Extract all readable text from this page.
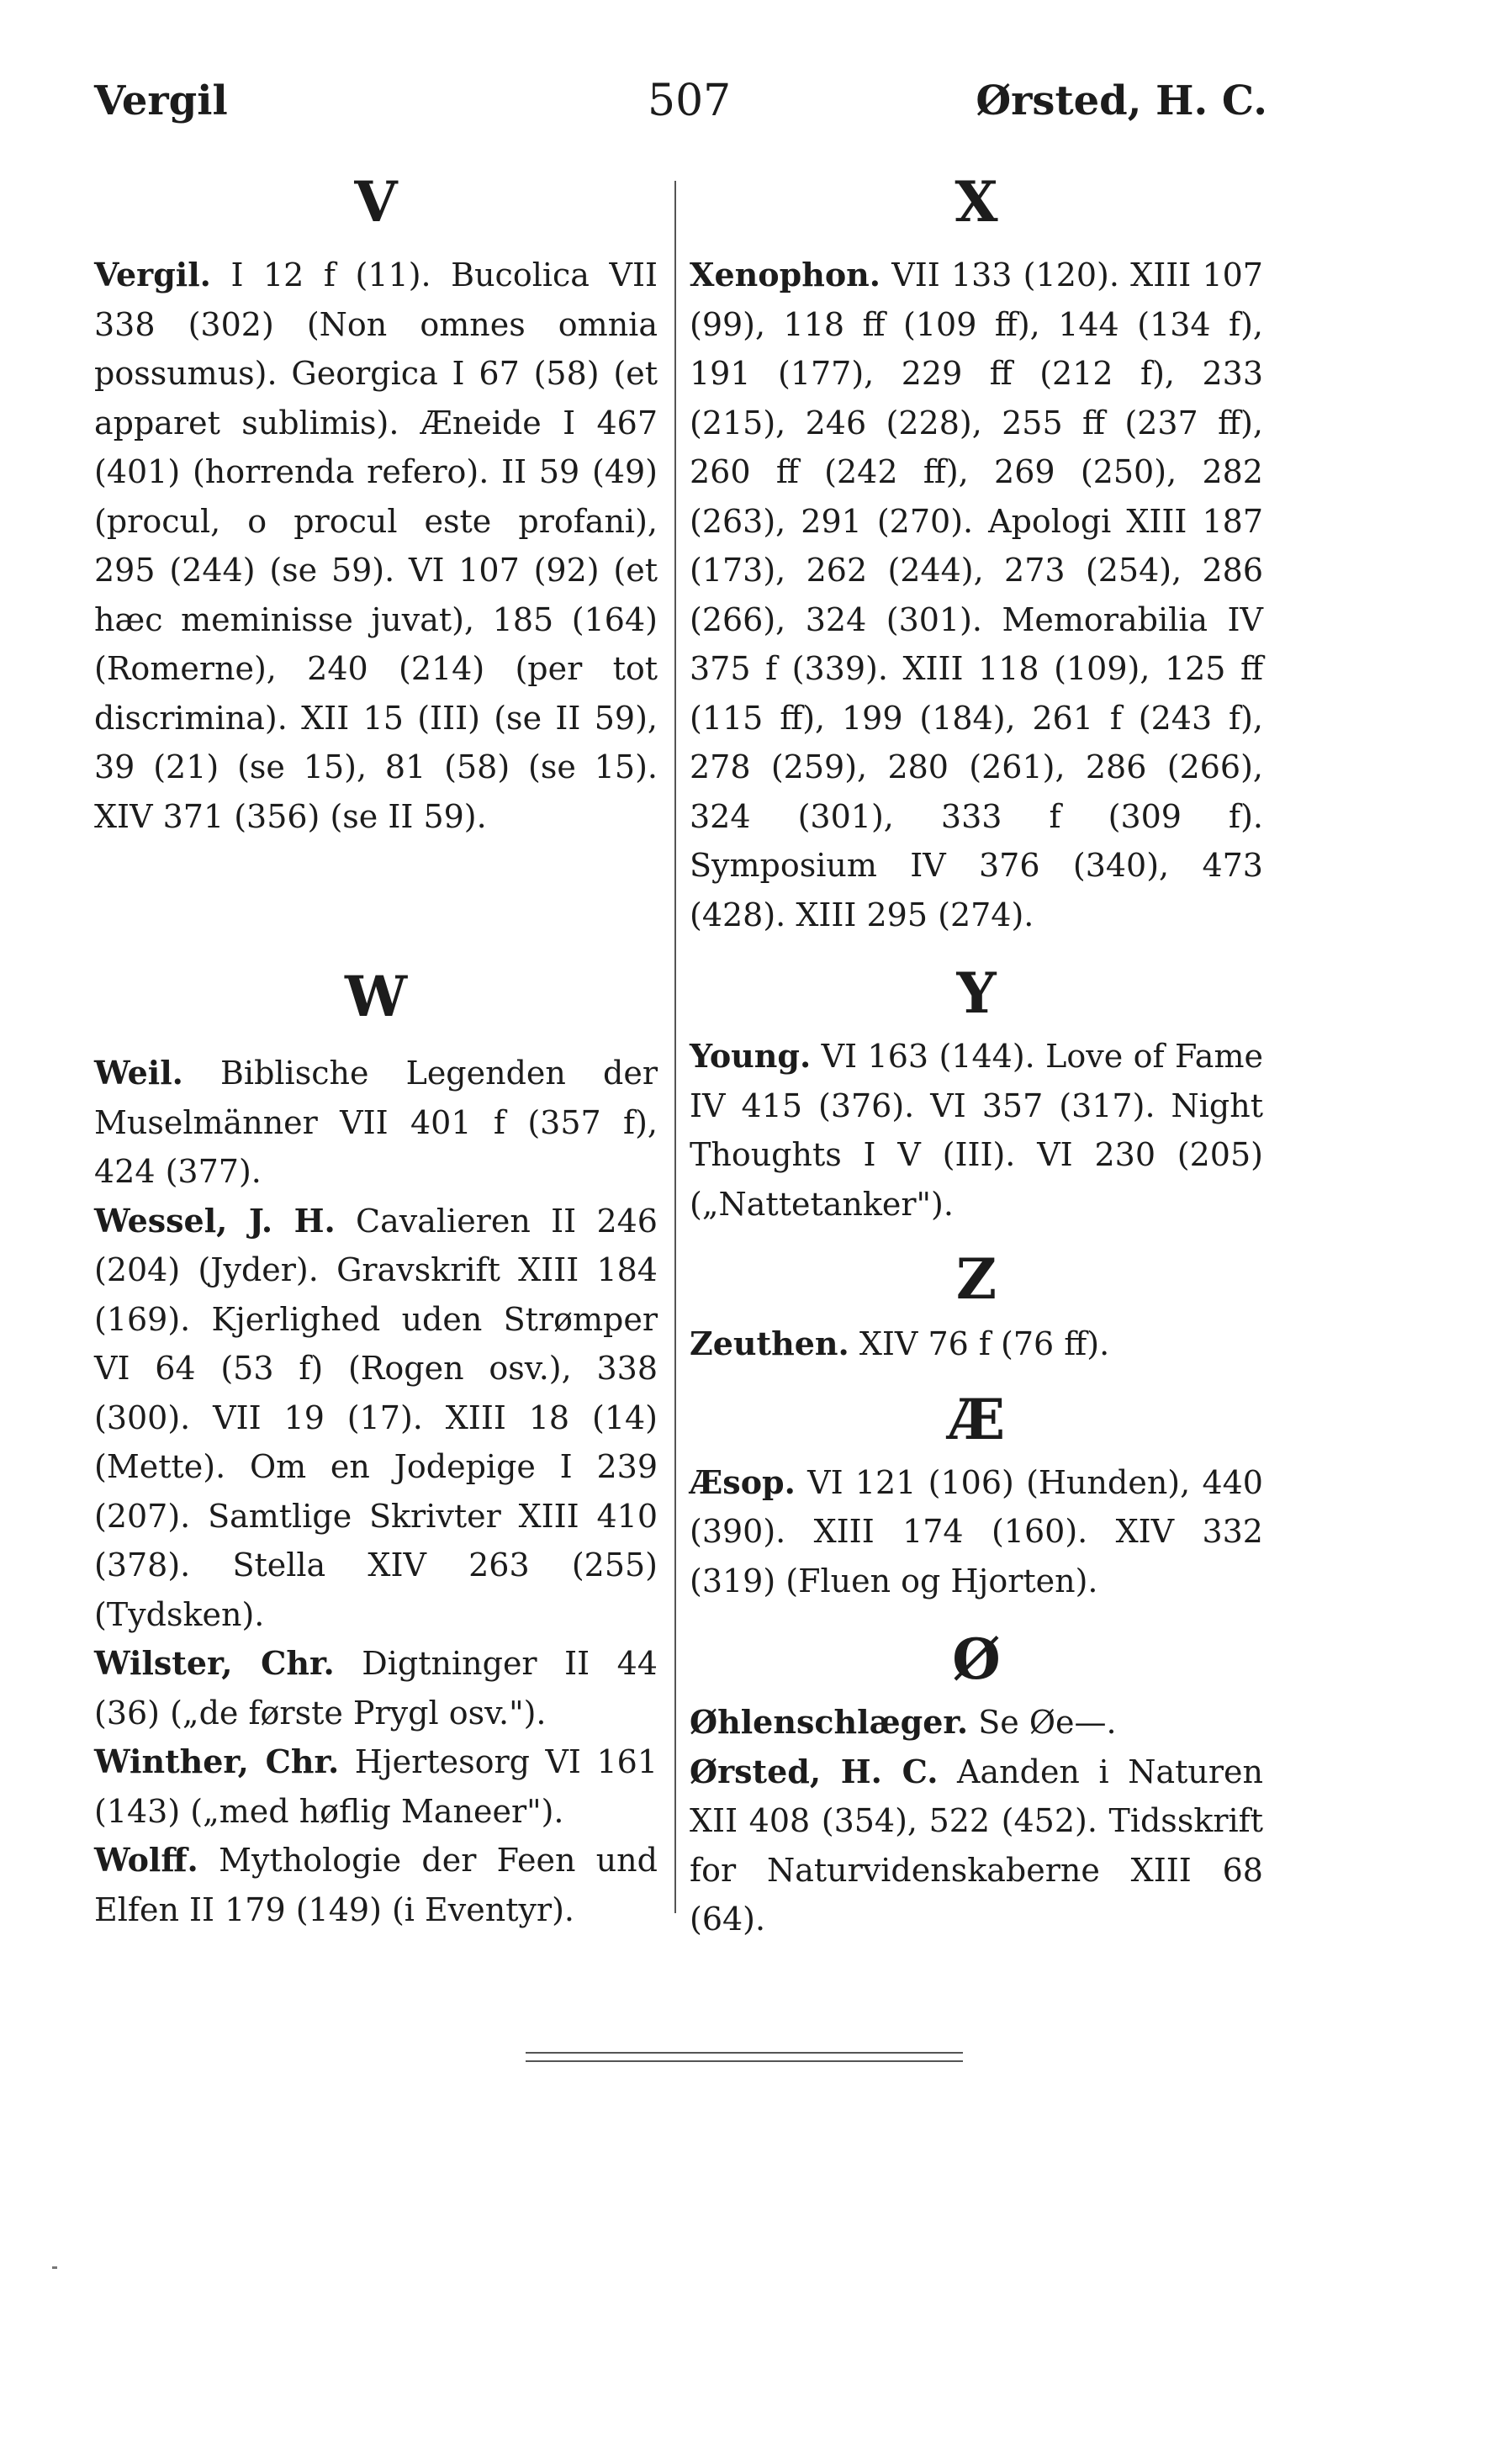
Vergil	507	Ørsted, H. C.

V

Vergil. I 12 f (11). Bucolica VII 338 (302) (Non omnes omnia possumus). Georgica I 67 (58) (et apparet sublimis). Æneide I 467 (401) (horrenda refero). II 59 (49) (procul, o procul este profani), 295 (244) (se 59). VI 107 (92) (et hæc meminisse juvat), 185 (164) (Romerne), 240 (214) (per tot discrimina). XII 15 (III) (se II 59), 39 (21) (se 15), 81 (58) (se 15). XIV 371 (356) (se II 59).

W

Weil. Biblische Legenden der Muselmänner VII 401 f (357 f), 424 (377).

Wessel, J. H. Cavalieren II 246 (204) (Jyder). Gravskrift XIII 184 (169). Kjerlighed uden Strømper VI 64 (53 f) (Rogen osv.), 338 (300). VII 19 (17). XIII 18 (14) (Mette). Om en Jodepige I 239 (207). Samtlige Skrivter XIII 410 (378). Stella XIV 263 (255) (Tydsken).

Wilster, Chr. Digtninger II 44 (36) („de første Prygl osv.").

Winther, Chr. Hjertesorg VI 161 (143) („med høflig Maneer").

Wolff. Mythologie der Feen und Elfen II 179 (149) (i Eventyr).

X

Xenophon. VII 133 (120). XIII 107 (99), 118 ff (109 ff), 144 (134 f), 191 (177), 229 ff (212 f), 233 (215), 246 (228), 255 ff (237 ff), 260 ff (242 ff), 269 (250), 282 (263), 291 (270). Apologi XIII 187 (173), 262 (244), 273 (254), 286 (266), 324 (301). Memorabilia IV 375 f (339). XIII 118 (109), 125 ff (115 ff), 199 (184), 261 f (243 f), 278 (259), 280 (261), 286 (266), 324 (301), 333 f (309 f). Symposium IV 376 (340), 473 (428). XIII 295 (274).

Y

Young. VI 163 (144). Love of Fame IV 415 (376). VI 357 (317). Night Thoughts I V (III). VI 230 (205) („Nattetanker").

Z

Zeuthen. XIV 76 f (76 ff).

Æ

Æsop. VI 121 (106) (Hunden), 440 (390). XIII 174 (160). XIV 332 (319) (Fluen og Hjorten).

Ø

Øhlenschlæger. Se Øe—.

Ørsted, H. C. Aanden i Naturen XII 408 (354), 522 (452). Tidsskrift for Naturvidenskaberne XIII 68 (64).
